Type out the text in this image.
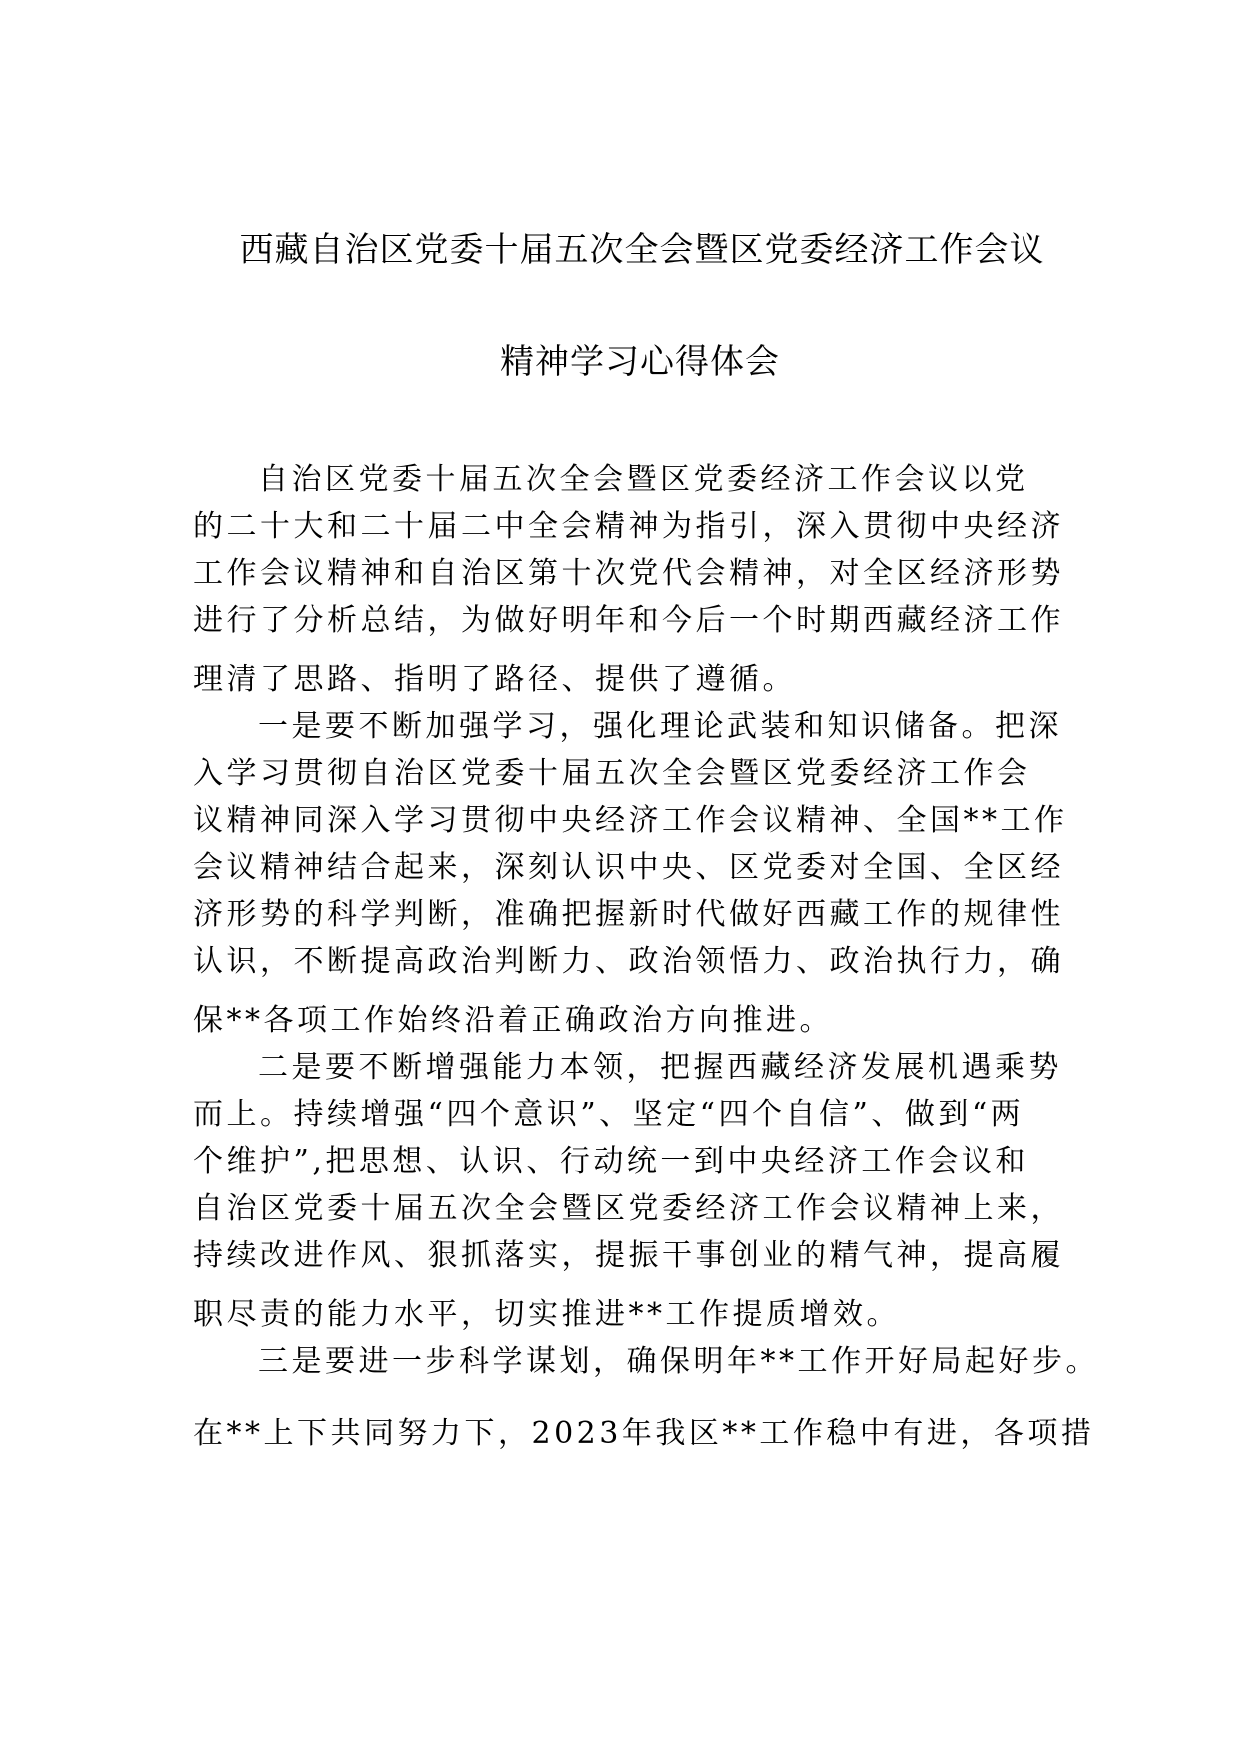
西藏自治区党委十届五次全会暨区党委经济工作会议
精神学习心得体会
自治区党委十届五次全会暨区党委经济工作会议以党
的二十大和二十届二中全会精神为指引，深入贯彻中央经济
工作会议精神和自治区第十次党代会精神，对全区经济形势
进行了分析总结，为做好明年和今后一个时期西藏经济工作
理清了思路、指明了路径、提供了遵循。
一是要不断加强学习，强化理论武装和知识储备。把深
入学习贯彻自治区党委十届五次全会暨区党委经济工作会
议精神同深入学习贯彻中央经济工作会议精神、全国**工作
会议精神结合起来，深刻认识中央、区党委对全国、全区经
济形势的科学判断，准确把握新时代做好西藏工作的规律性
认识，不断提高政治判断力、政治领悟力、政治执行力，确
保**各项工作始终沿着正确政治方向推进。
二是要不断增强能力本领，把握西藏经济发展机遇乘势
而上。持续增强“四个意识”、坚定“四个自信”、做到“两
个维护”,把思想、认识、行动统一到中央经济工作会议和
自治区党委十届五次全会暨区党委经济工作会议精神上来，
持续改进作风、狠抓落实，提振干事创业的精气神，提高履
职尽责的能力水平，切实推进**工作提质增效。
三是要进一步科学谋划，确保明年**工作开好局起好步。
在**上下共同努力下，2023年我区**工作稳中有进，各项措
